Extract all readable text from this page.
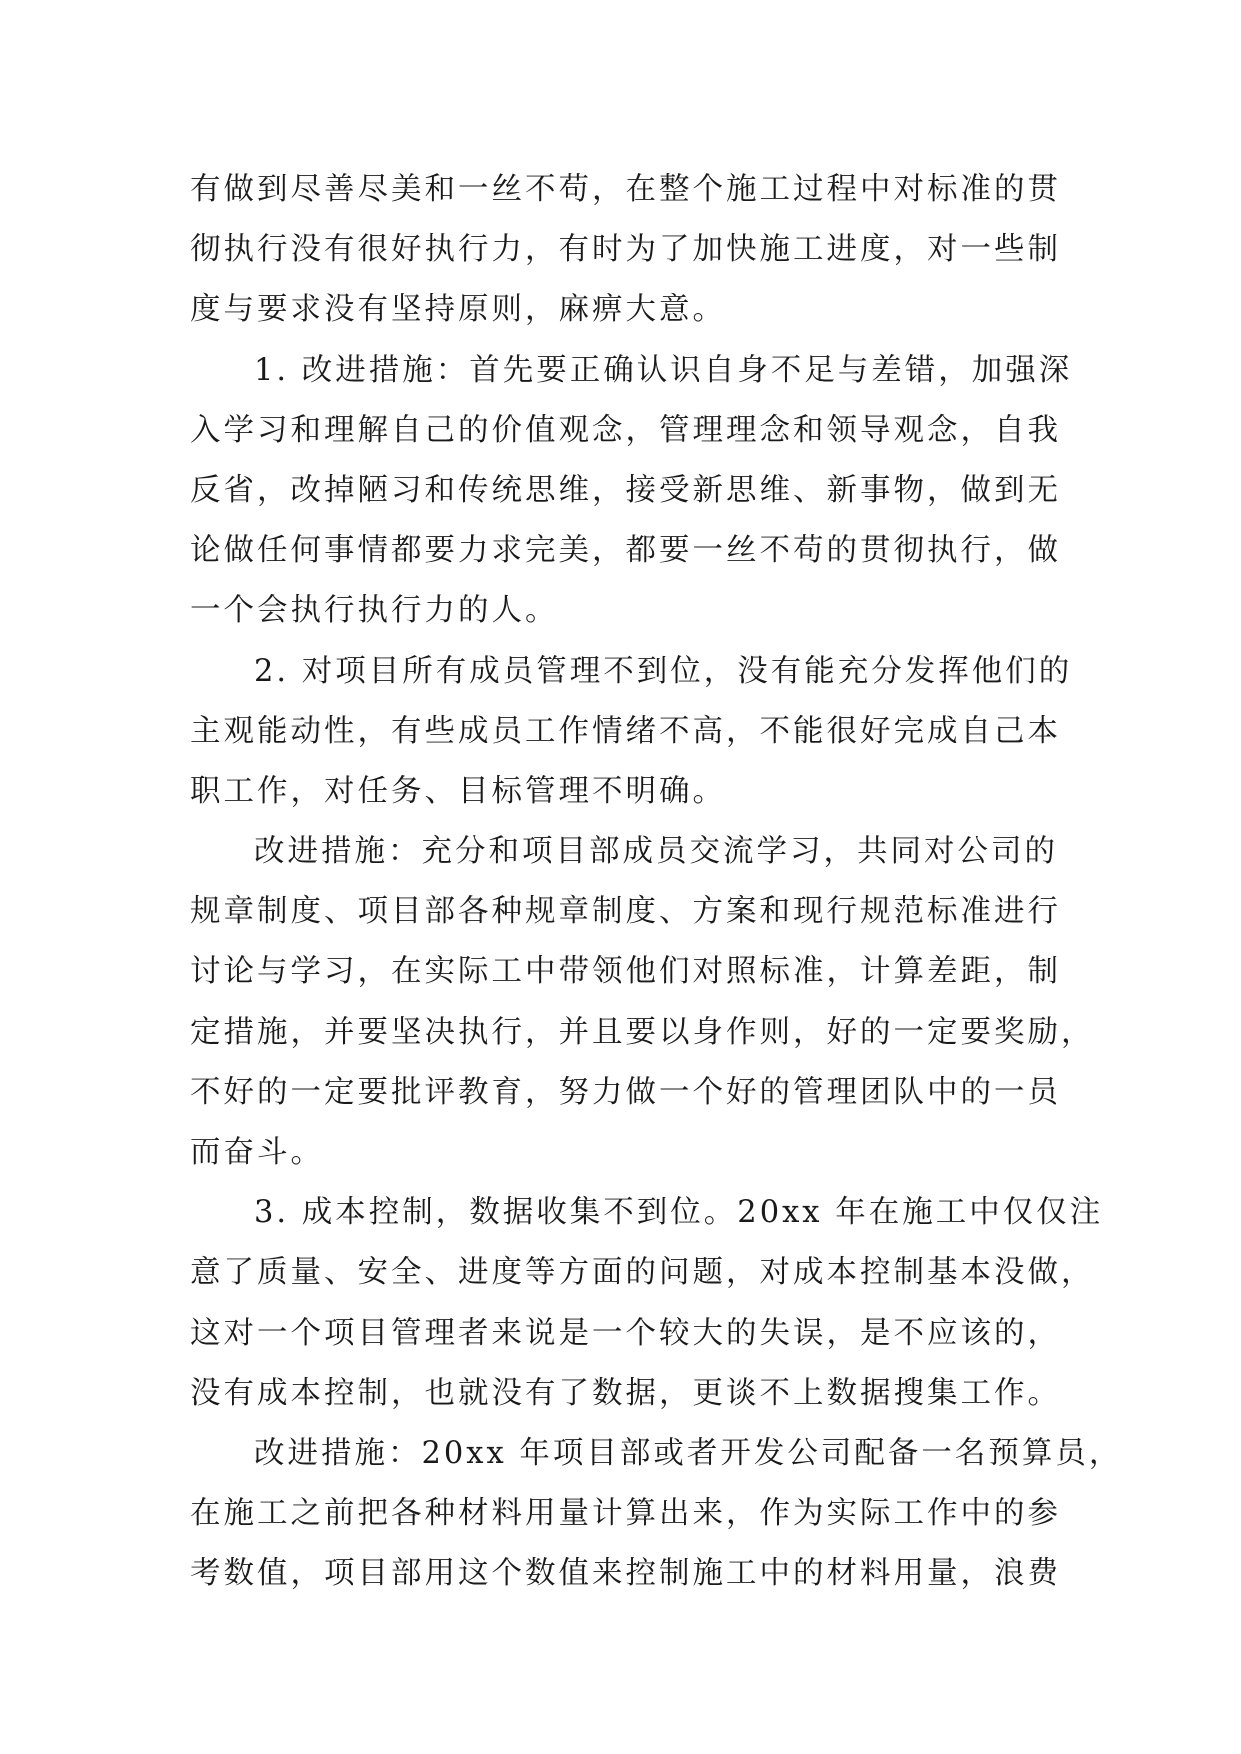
有做到尽善尽美和一丝不苟，在整个施工过程中对标准的贯
彻执行没有很好执行力，有时为了加快施工进度，对一些制
度与要求没有坚持原则，麻痹大意。
1. 改进措施：首先要正确认识自身不足与差错，加强深
入学习和理解自己的价值观念，管理理念和领导观念，自我
反省，改掉陋习和传统思维，接受新思维、新事物，做到无
论做任何事情都要力求完美，都要一丝不苟的贯彻执行，做
一个会执行执行力的人。
2. 对项目所有成员管理不到位，没有能充分发挥他们的
主观能动性，有些成员工作情绪不高，不能很好完成自己本
职工作，对任务、目标管理不明确。
改进措施：充分和项目部成员交流学习，共同对公司的
规章制度、项目部各种规章制度、方案和现行规范标准进行
讨论与学习，在实际工中带领他们对照标准，计算差距，制
定措施，并要坚决执行，并且要以身作则，好的一定要奖励，
不好的一定要批评教育，努力做一个好的管理团队中的一员
而奋斗。
3. 成本控制，数据收集不到位。20xx 年在施工中仅仅注
意了质量、安全、进度等方面的问题，对成本控制基本没做，
这对一个项目管理者来说是一个较大的失误，是不应该的，
没有成本控制，也就没有了数据，更谈不上数据搜集工作。
改进措施：20xx 年项目部或者开发公司配备一名预算员，
在施工之前把各种材料用量计算出来，作为实际工作中的参
考数值，项目部用这个数值来控制施工中的材料用量，浪费
